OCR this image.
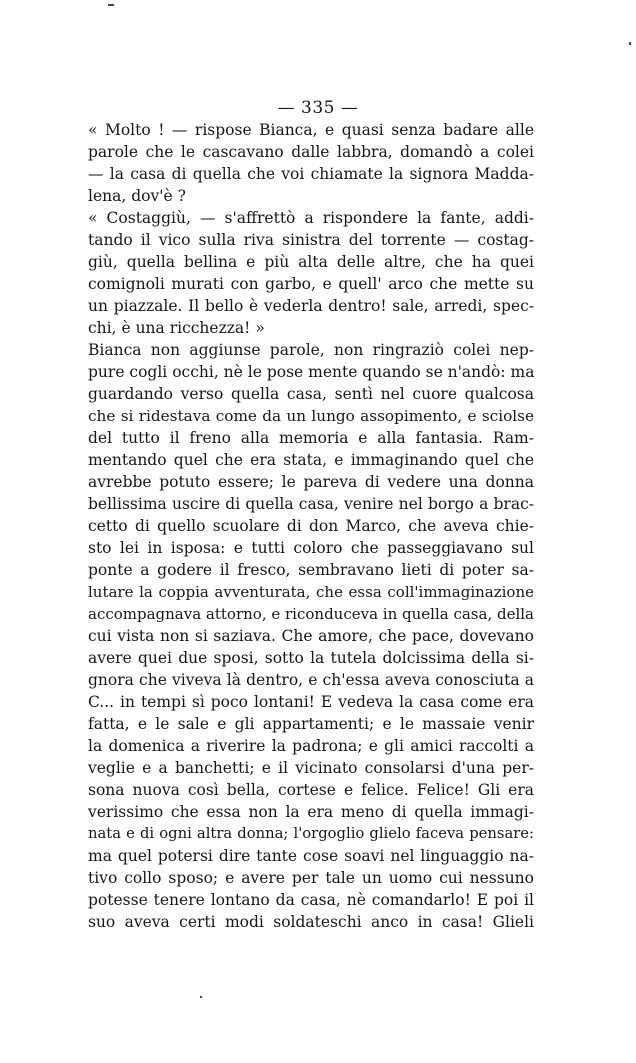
— 335 —
« Molto ! — rispose Bianca, e quasi senza badare alle
parole che le cascavano dalle labbra, domandò a colei
— la casa di quella che voi chiamate la signora Madda-
lena, dov'è ?
« Costaggiù, — s'affrettò a rispondere la fante, addi-
tando il vico sulla riva sinistra del torrente — costag-
giù, quella bellina e più alta delle altre, che ha quei
comignoli murati con garbo, e quell' arco che mette su
un piazzale. Il bello è vederla dentro! sale, arredi, spec-
chi, è una ricchezza! »
Bianca non aggiunse parole, non ringraziò colei nep-
pure cogli occhi, nè le pose mente quando se n'andò: ma
guardando verso quella casa, sentì nel cuore qualcosa
che si ridestava come da un lungo assopimento, e sciolse
del tutto il freno alla memoria e alla fantasia. Ram-
mentando quel che era stata, e immaginando quel che
avrebbe potuto essere; le pareva di vedere una donna
bellissima uscire di quella casa, venire nel borgo a brac-
cetto di quello scuolare di don Marco, che aveva chie-
sto lei in isposa: e tutti coloro che passeggiavano sul
ponte a godere il fresco, sembravano lieti di poter sa-
lutare la coppia avventurata, che essa coll'immaginazione
accompagnava attorno, e riconduceva in quella casa, della
cui vista non si saziava. Che amore, che pace, dovevano
avere quei due sposi, sotto la tutela dolcissima della si-
gnora che viveva là dentro, e ch'essa aveva conosciuta a
C... in tempi sì poco lontani! E vedeva la casa come era
fatta, e le sale e gli appartamenti; e le massaie venir
la domenica a riverire la padrona; e gli amici raccolti a
veglie e a banchetti; e il vicinato consolarsi d'una per-
sona nuova così bella, cortese e felice. Felice! Gli era
verissimo che essa non la era meno di quella immagi-
nata e di ogni altra donna; l'orgoglio glielo faceva pensare:
ma quel potersi dire tante cose soavi nel linguaggio na-
tivo collo sposo; e avere per tale un uomo cui nessuno
potesse tenere lontano da casa, nè comandarlo! E poi il
suo aveva certi modi soldateschi anco in casa! Glieli
